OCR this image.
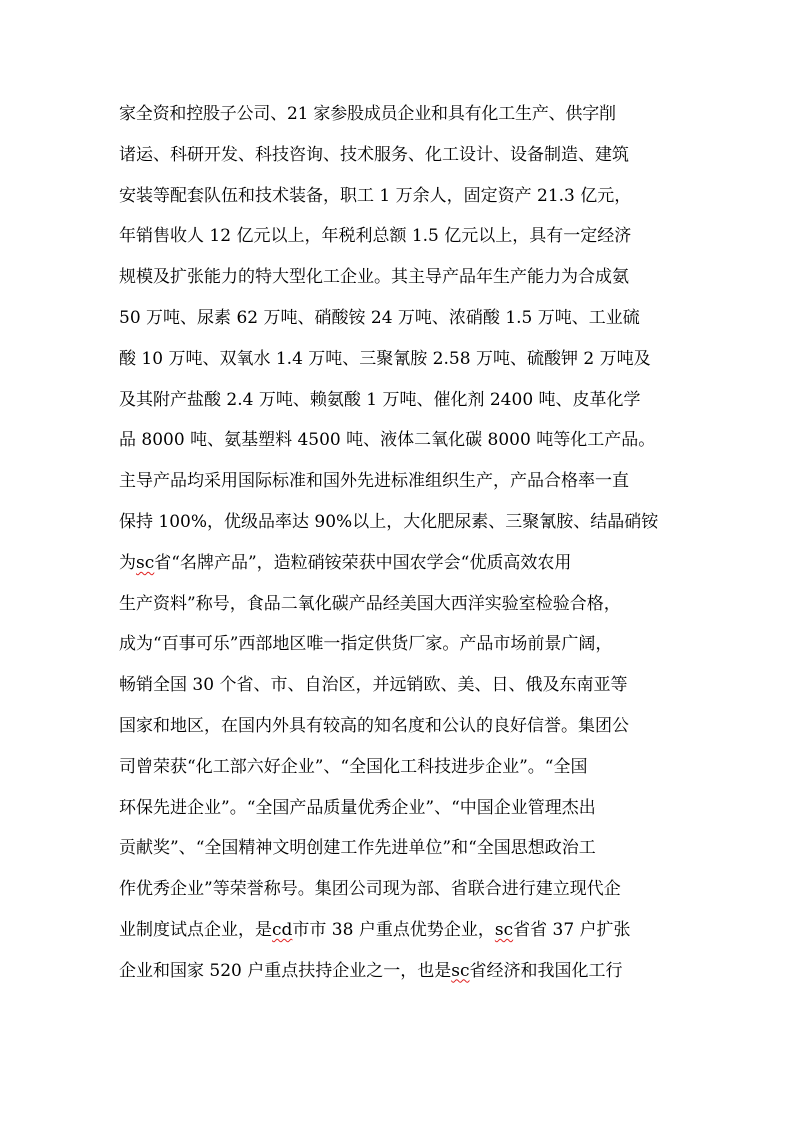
家全资和控股子公司、21 家参股成员企业和具有化工生产、供字削
诸运、科研开发、科技咨询、技术服务、化工设计、设备制造、建筑
安装等配套队伍和技术装备，职工 1 万余人，固定资产 21.3 亿元，
年销售收人 12 亿元以上，年税利总额 1.5 亿元以上，具有一定经济
规模及扩张能力的特大型化工企业。其主导产品年生产能力为合成氨
50 万吨、尿素 62 万吨、硝酸铵 24 万吨、浓硝酸 1.5 万吨、工业硫
酸 10 万吨、双氧水 1.4 万吨、三聚氰胺 2.58 万吨、硫酸钾 2 万吨及
及其附产盐酸 2.4 万吨、赖氨酸 1 万吨、催化剂 2400 吨、皮革化学
品 8000 吨、氨基塑料 4500 吨、液体二氧化碳 8000 吨等化工产品。
主导产品均采用国际标准和国外先进标准组织生产，产品合格率一直
保持 100%，优级品率达 90%以上，大化肥尿素、三聚氰胺、结晶硝铵
为sc省“名牌产品”，造粒硝铵荣获中国农学会“优质高效农用
生产资料”称号，食品二氧化碳产品经美国大西洋实验室检验合格，
成为“百事可乐”西部地区唯一指定供货厂家。产品市场前景广阔，
畅销全国 30 个省、市、自治区，并远销欧、美、日、俄及东南亚等
国家和地区，在国内外具有较高的知名度和公认的良好信誉。集团公
司曾荣获“化工部六好企业”、“全国化工科技进步企业”。“全国
环保先进企业”。“全国产品质量优秀企业”、“中国企业管理杰出
贡献奖”、“全国精神文明创建工作先进单位”和“全国思想政治工
作优秀企业”等荣誉称号。集团公司现为部、省联合进行建立现代企
业制度试点企业，是cd市市 38 户重点优势企业，sc省省 37 户扩张
企业和国家 520 户重点扶持企业之一，也是sc省经济和我国化工行
